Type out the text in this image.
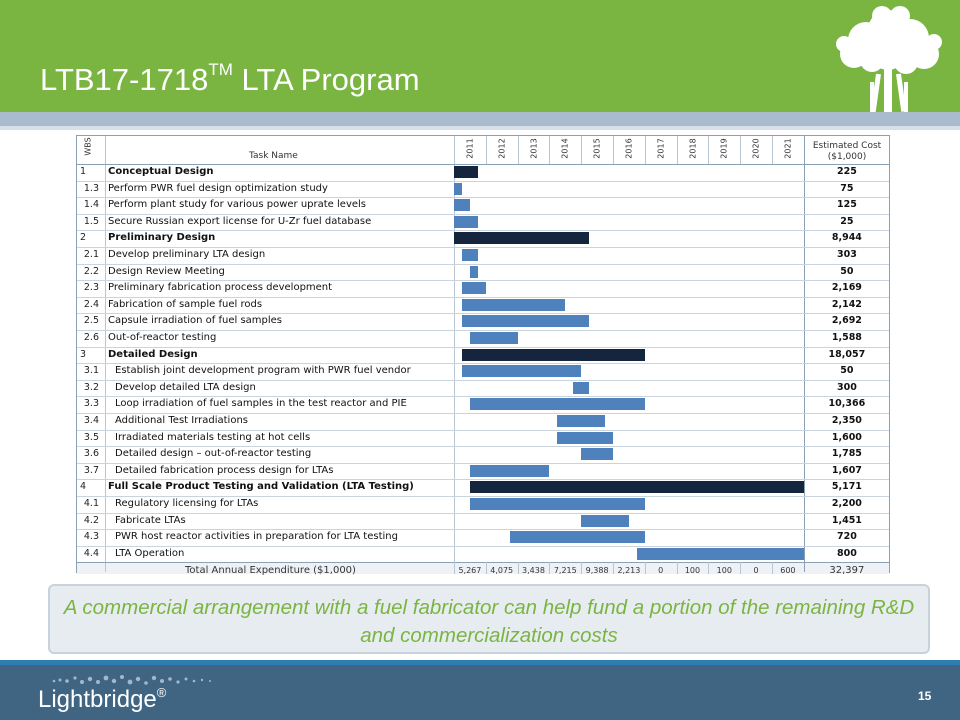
LTB17-1718™ LTA Program
WBS
Task Name
Estimated Cost
($1,000)
2011	2012	2013	2014	2015	2016	2017	2018	2019	2020	2021
1	Conceptual Design	225
1.3 Perform PWR fuel design optimization study	75
1.4 Perform plant study for various power uprate levels	125
1.5 Secure Russian export license for U-Zr fuel database	25
2	Preliminary Design	8,944
2.1 Develop preliminary LTA design	303
2.2 Design Review Meeting	50
2.3 Preliminary fabrication process development	2,169
2.4 Fabrication of sample fuel rods	2,142
2.5 Capsule irradiation of fuel samples	2,692
2.6 Out-of-reactor testing	1,588
3	Detailed Design	18,057
3.1 Establish joint development program with PWR fuel vendor	50
3.2 Develop detailed LTA design	300
3.3 Loop irradiation of fuel samples in the test reactor and PIE	10,366
3.4 Additional Test Irradiations	2,350
3.5 Irradiated materials testing at hot cells	1,600
3.6 Detailed design – out-of-reactor testing	1,785
3.7 Detailed fabrication process design for LTAs	1,607
4	Full Scale Product Testing and Validation (LTA Testing)	5,171
4.1 Regulatory licensing for LTAs	2,200
4.2 Fabricate LTAs	1,451
4.3 PWR host reactor activities in preparation for LTA testing	720
4.4 LTA Operation	800
Total Annual Expenditure ($1,000)	5,267	4,075	3,438	7,215	9,388	2,213	0	100	100	0	600	32,397

A commercial arrangement with a fuel fabricator can help fund a portion of the remaining R&D and commercialization costs

Lightbridge®	15
